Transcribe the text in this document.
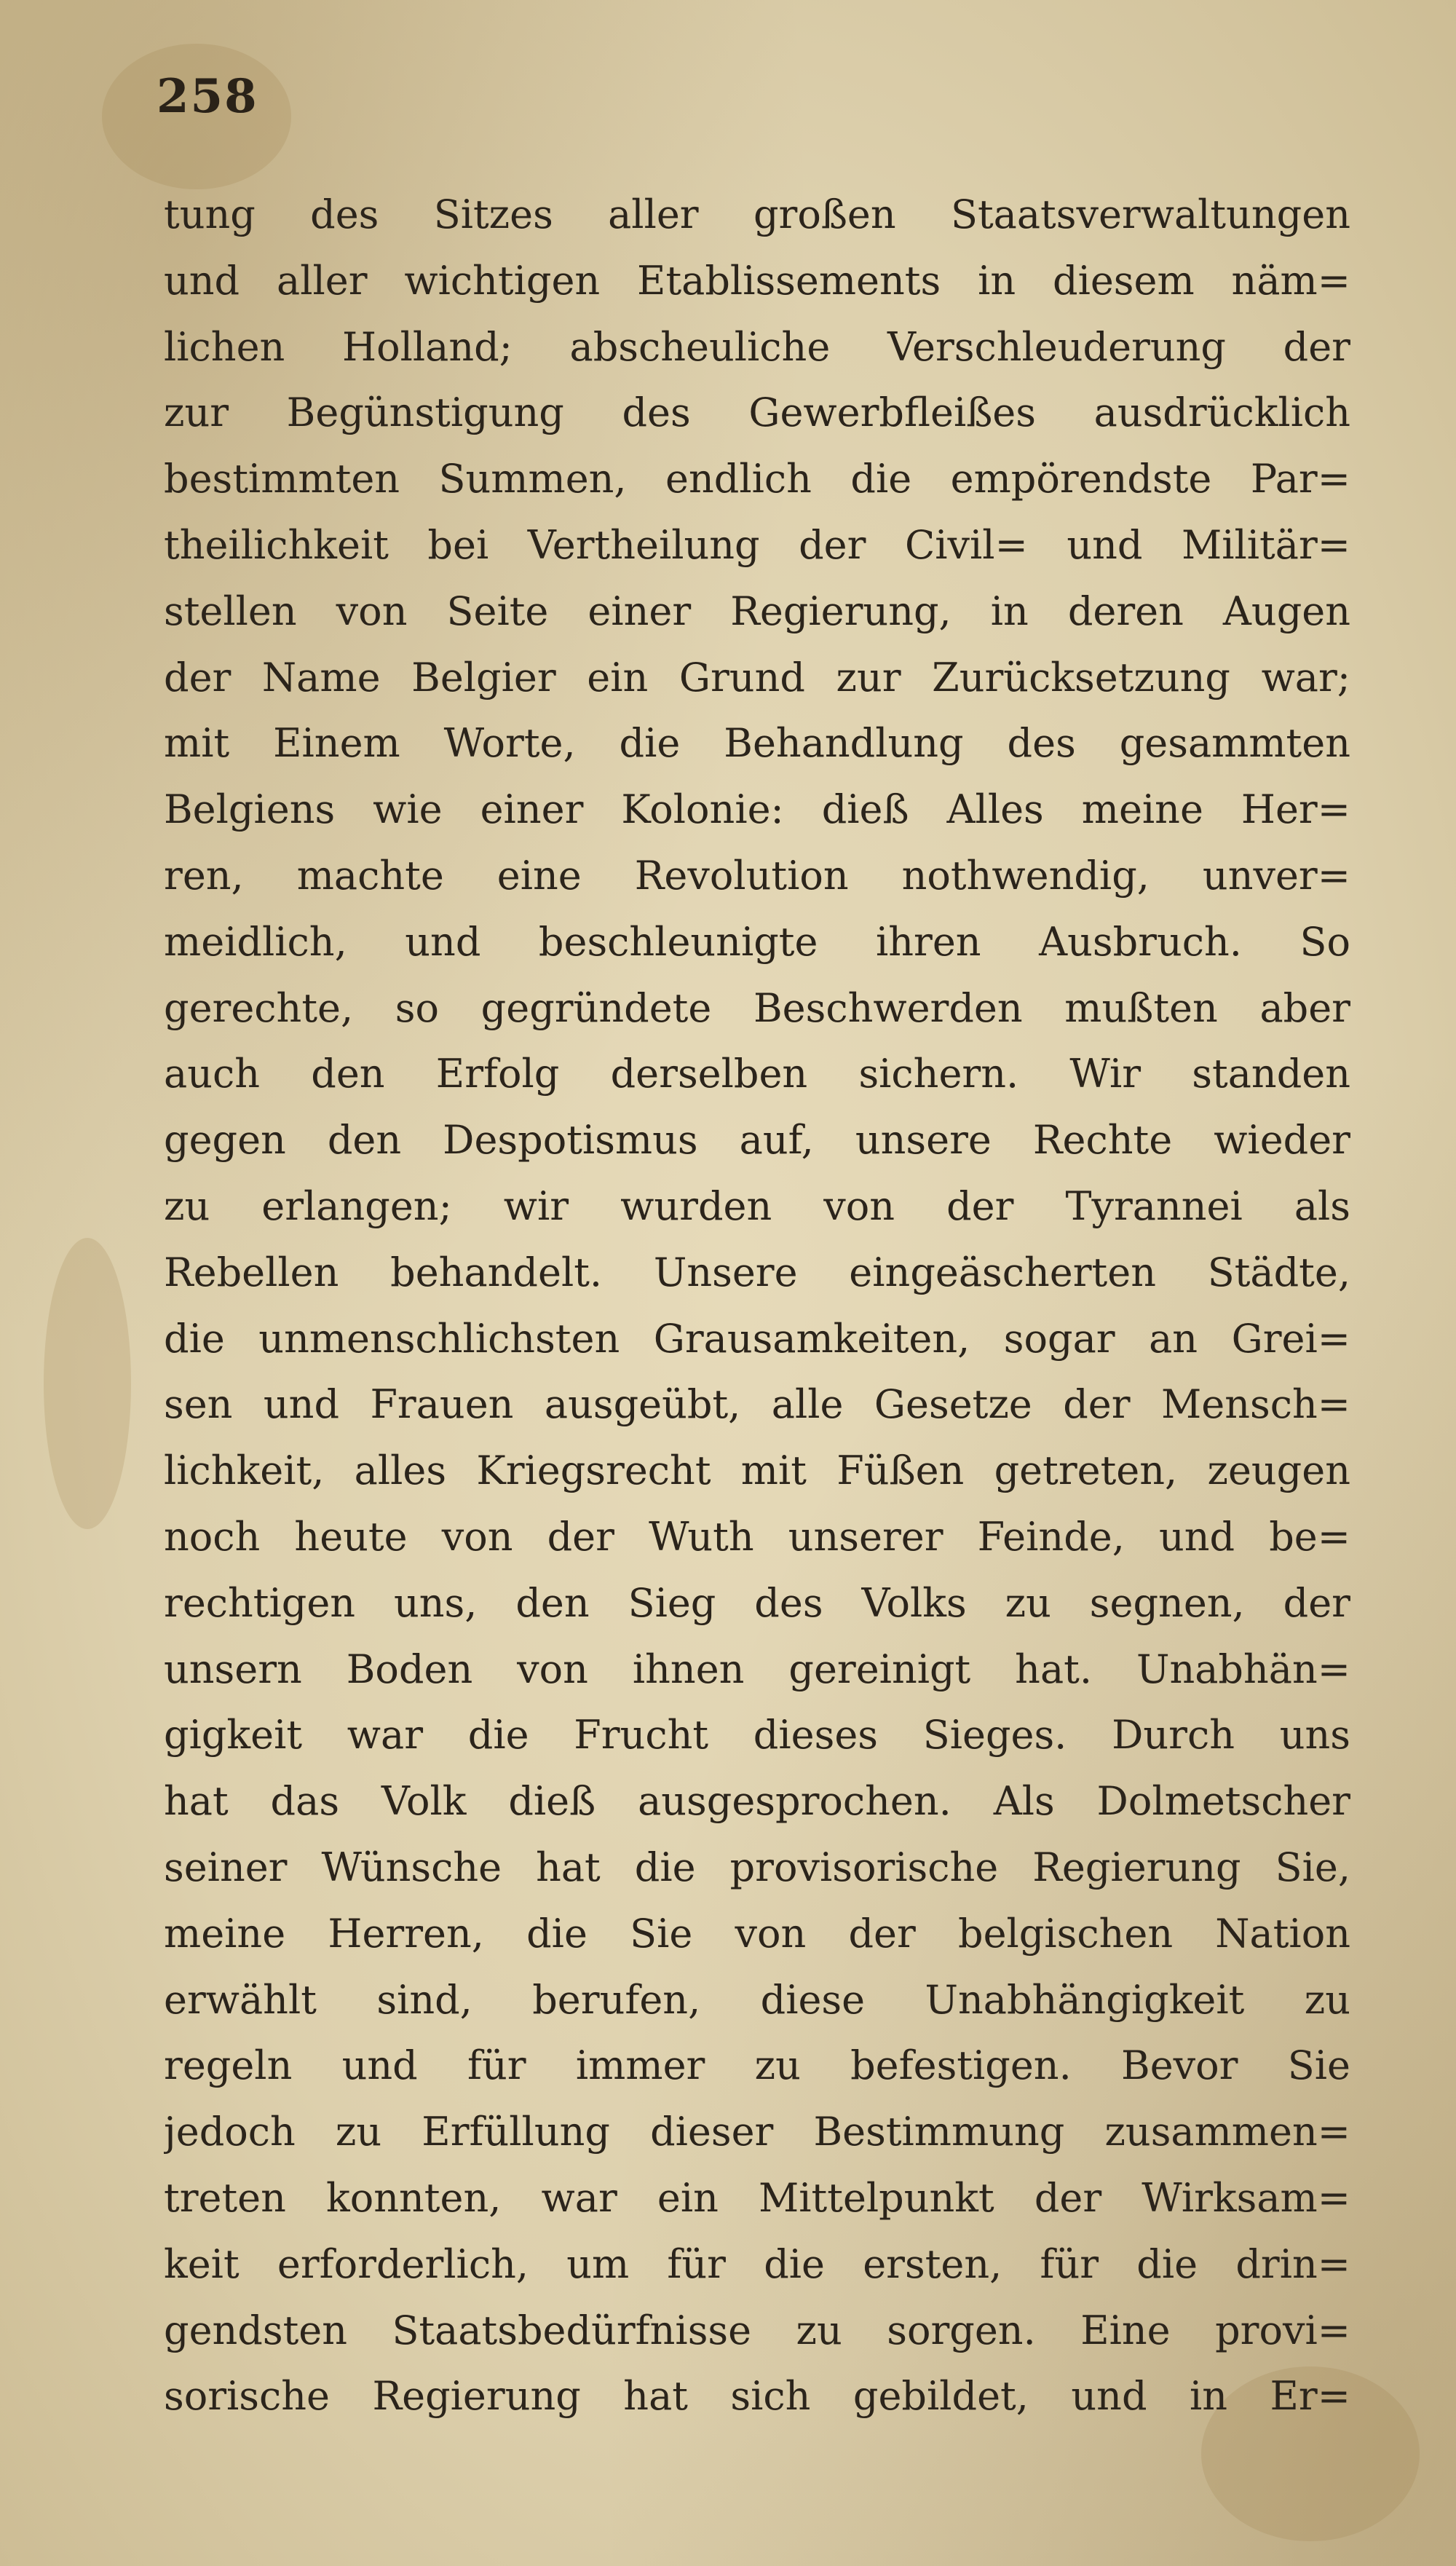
258
tung des Sitzes aller großen Staatsverwaltungen
und aller wichtigen Etablissements in diesem näm=
lichen Holland; abscheuliche Verschleuderung der
zur Begünstigung des Gewerbfleißes ausdrücklich
bestimmten Summen, endlich die empörendste Par=
theilichkeit bei Vertheilung der Civil= und Militär=
stellen von Seite einer Regierung, in deren Augen
der Name Belgier ein Grund zur Zurücksetzung war;
mit Einem Worte, die Behandlung des gesammten
Belgiens wie einer Kolonie: dieß Alles meine Her=
ren, machte eine Revolution nothwendig, unver=
meidlich, und beschleunigte ihren Ausbruch. So
gerechte, so gegründete Beschwerden mußten aber
auch den Erfolg derselben sichern. Wir standen
gegen den Despotismus auf, unsere Rechte wieder
zu erlangen; wir wurden von der Tyrannei als
Rebellen behandelt. Unsere eingeäscherten Städte,
die unmenschlichsten Grausamkeiten, sogar an Grei=
sen und Frauen ausgeübt, alle Gesetze der Mensch=
lichkeit, alles Kriegsrecht mit Füßen getreten, zeugen
noch heute von der Wuth unserer Feinde, und be=
rechtigen uns, den Sieg des Volks zu segnen, der
unsern Boden von ihnen gereinigt hat. Unabhän=
gigkeit war die Frucht dieses Sieges. Durch uns
hat das Volk dieß ausgesprochen. Als Dolmetscher
seiner Wünsche hat die provisorische Regierung Sie,
meine Herren, die Sie von der belgischen Nation
erwählt sind, berufen, diese Unabhängigkeit zu
regeln und für immer zu befestigen. Bevor Sie
jedoch zu Erfüllung dieser Bestimmung zusammen=
treten konnten, war ein Mittelpunkt der Wirksam=
keit erforderlich, um für die ersten, für die drin=
gendsten Staatsbedürfnisse zu sorgen. Eine provi=
sorische Regierung hat sich gebildet, und in Er=
